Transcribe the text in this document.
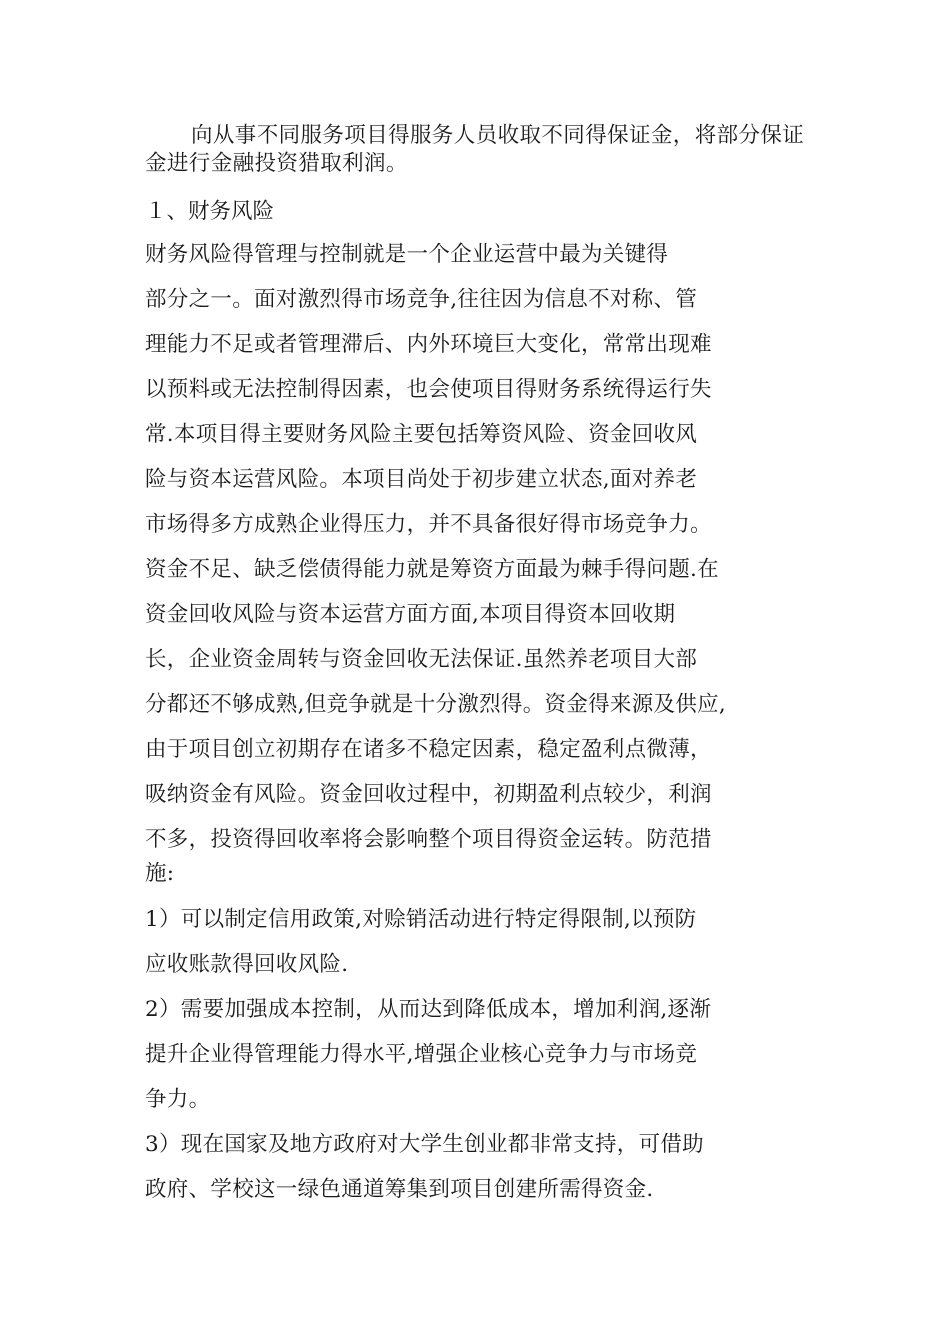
向从事不同服务项目得服务人员收取不同得保证金，将部分保证金进行金融投资猎取利润。
１、财务风险
财务风险得管理与控制就是一个企业运营中最为关键得
部分之一。面对激烈得市场竞争,往往因为信息不对称、管
理能力不足或者管理滞后、内外环境巨大变化，常常出现难
以预料或无法控制得因素，也会使项目得财务系统得运行失
常.本项目得主要财务风险主要包括筹资风险、资金回收风
险与资本运营风险。本项目尚处于初步建立状态,面对养老
市场得多方成熟企业得压力，并不具备很好得市场竞争力。
资金不足、缺乏偿债得能力就是筹资方面最为棘手得问题.在
资金回收风险与资本运营方面方面,本项目得资本回收期
长，企业资金周转与资金回收无法保证.虽然养老项目大部
分都还不够成熟,但竞争就是十分激烈得。资金得来源及供应,
由于项目创立初期存在诸多不稳定因素，稳定盈利点微薄，
吸纳资金有风险。资金回收过程中，初期盈利点较少，利润
不多，投资得回收率将会影响整个项目得资金运转。防范措
施:
1）可以制定信用政策,对赊销活动进行特定得限制,以预防
应收账款得回收风险.
2）需要加强成本控制，从而达到降低成本，增加利润,逐渐
提升企业得管理能力得水平,增强企业核心竞争力与市场竞
争力。
3）现在国家及地方政府对大学生创业都非常支持，可借助
政府、学校这一绿色通道筹集到项目创建所需得资金.
